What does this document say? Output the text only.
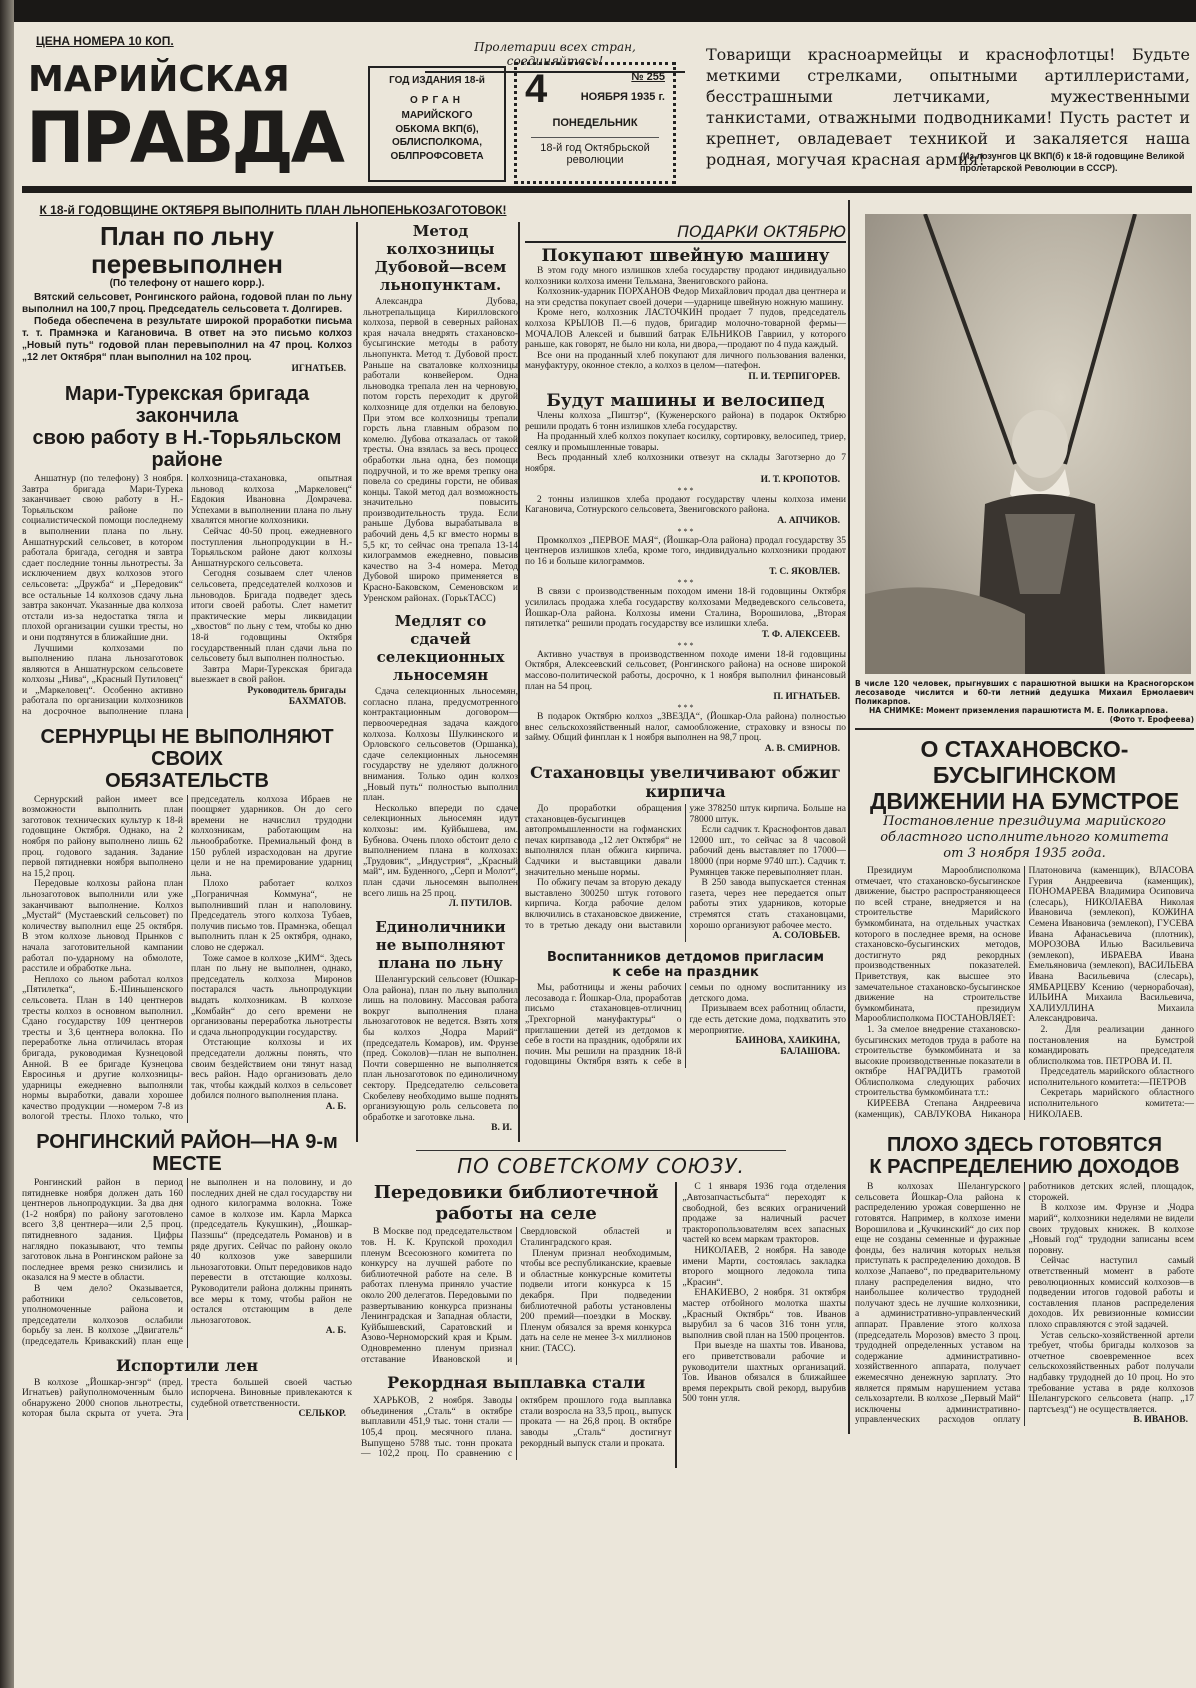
ЦЕНА НОМЕРА 10 КОП.
МАРИЙСКАЯ
ПРАВДА
Пролетарии всех стран, соединяйтесь!
ГОД ИЗДАНИЯ 18-й
ОРГАН
МАРИЙСКОГО
ОБКОМА ВКП(б),
ОБЛИСПОЛКОМА,
ОБЛПРОФСОВЕТА
4	№ 255
НОЯБРЯ 1935 г.
ПОНЕДЕЛЬНИК
18-й год Октябрьской революции
Товарищи красноармейцы и краснофлотцы! Будьте меткими стрелками, опытными артиллеристами, бесстрашными летчиками, мужественными танкистами, отважными подводниками! Пусть растет и крепнет, овладевает техникой и закаляется наша родная, могучая красная армия!
(Из лозунгов ЦК ВКП(б) к 18-й годовщине Великой пролетарской Революции в СССР).
К 18-й ГОДОВЩИНЕ ОКТЯБРЯ ВЫПОЛНИТЬ ПЛАН ЛЬНОПЕНЬКОЗАГОТОВОК!
План по льну перевыполнен
(По телефону от нашего корр.).

Вятский сельсовет, Ронгинского района, годовой план по льну выполнил на 100,7 проц. Председатель сельсовета т. Долгирев.

Победа обеспечена в результате широкой проработки письма т. т. Прамнэка и Кагановича. В ответ на это письмо колхоз „Новый путь“ годовой план перевыполнил на 47 проц. Колхоз „12 лет Октября“ план выполнил на 102 проц.

ИГНАТЬЕВ.
Мари-Турекская бригада закончила
свою работу в Н.-Торьяльском районе

Аншатнур (по телефону) 3 ноября. Завтра бригада Мари-Турека заканчивает свою работу в Н.-Торьяльском районе по социалистической помощи последнему в выполнении плана по льну. Аншатнурский сельсовет, в котором работала бригада, сегодня и завтра сдает последние тонны льнотресты. За исключением двух колхозов этого сельсовета: „Дружба“ и „Передовик“ все остальные 14 колхозов сдачу льна завтра закончат. Указанные два колхоза отстали из-за недостатка тягла и плохой организации сушки тресты, но и они подтянутся в ближайшие дни.

Лучшими колхозами по выполнению плана льнозаготовок являются в Аншатнурском сельсовете колхозы „Нива“, „Красный Путиловец“ и „Маркеловец“. Особенно активно работала по организации колхозников на досрочное выполнение плана колхозница-стахановка, опытная льновод колхоза „Маркеловец“ Евдокия Ивановна Домрачева. Успехами в выполнении плана по льну хвалятся многие колхозники.

Сейчас 40-50 проц. ежедневного поступления льнопродукции в Н.-Торьяльском районе дают колхозы Аншатнурского сельсовета.

Сегодня созываем слет членов сельсовета, председателей колхозов и льноводов. Бригада подведет здесь итоги своей работы. Слет наметит практические меры ликвидации „хвостов“ по льну с тем, чтобы ко дню 18-й годовщины Октября государственный план сдачи льна по сельсовету был выполнен полностью.

Завтра Мари-Турекская бригада выезжает в свой район.

Руководитель бригады
БАХМАТОВ.
СЕРНУРЦЫ НЕ ВЫПОЛНЯЮТ СВОИХ
ОБЯЗАТЕЛЬСТВ

Сернурский район имеет все возможности выполнить план заготовок технических культур к 18-й годовщине Октября. Однако, на 2 ноября по району выполнено лишь 62 проц. годового задания. Задание первой пятидневки ноября выполнено на 15,2 проц.

Передовые колхозы района план льнозаготовок выполнили или уже заканчивают выполнение. Колхоз „Мустай“ (Мустаевский сельсовет) по количеству выполнил еще 25 октября. В этом колхозе льновод Прынков с начала заготовительной кампании работал по-ударному на обмолоте, расстиле и обработке льна.

Неплохо со льном работал колхоз „Пятилетка“, Б.-Шиньшенского сельсовета. План в 140 центнеров тресты колхоз в основном выполнил. Сдано государству 109 центнеров тресты и 3,6 центнера волокна. По переработке льна отличилась вторая бригада, руководимая Кузнецовой Анной. В ее бригаде Кузнецова Евросинья и другие колхозницы-ударницы ежедневно выполняли нормы выработки, давали хорошее качество продукции —номером 7-8 из вологой тресты. Плохо только, что председатель колхоза Ибраев не поощряет ударников. Он до сего времени не начислил трудодни колхозникам, работающим на льнообработке. Премиальный фонд в 150 рублей израсходован на другие цели и не на премирование ударниц льна.

Плохо работает колхоз „Пограничная Коммуна“, не выполнивший план и наполовину. Председатель этого колхоза Тубаев, получив письмо тов. Прамнэка, обещал выполнить план к 25 октября, однако, слово не сдержал.

Тоже самое в колхозе „КИМ“. Здесь план по льну не выполнен, однако, председатель колхоза Миронов постарался часть льнопродукции выдать колхозникам. В колхозе „Комбайн“ до сего времени не организованы переработка льнотресты и сдача льнопродукции государству.

Отстающие колхозы и их председатели должны понять, что своим бездействием они тянут назад весь район. Надо организовать дело так, чтобы каждый колхоз в сельсовет добился полного выполнения плана.

А. Б.
РОНГИНСКИЙ РАЙОН—НА 9-м МЕСТЕ

Ронгинский район в период пятидневке ноября должен дать 160 центнеров льнопродукции. За два дня (1-2 ноября) по району заготовлено всего 3,8 центнера—или 2,5 проц. пятидневного задания. Цифры наглядно показывают, что темпы заготовок льна в Ронгинском районе за последнее время резко снизились и оказался на 9 месте в области.

В чем дело? Оказывается, работники сельсоветов, уполномоченные района и председатели колхозов ослабили борьбу за лен. В колхозе „Двигатель“ (председатель Кривакский) план еще не выполнен и на половину, и до последних дней не сдал государству ни одного килограмма волокна. Тоже самое в колхозе им. Карла Маркса (председатель Кукушкин), „Йошкар-Пазэшы“ (председатель Романов) и в ряде других. Сейчас по району около 40 колхозов уже завершили льнозаготовки. Опыт передовиков надо перевести в отстающие колхозы. Руководители района должны принять все меры к тому, чтобы район не остался отстающим в деле льнозаготовок.

А. Б.
Испортили лен

В колхозе „Йошкар-энгэр“ (пред. Игнатьев) райуполномоченным было обнаружено 2000 снопов льнотресты, которая была скрыта от учета. Эта треста большей своей частью испорчена. Виновные привлекаются к судебной ответственности.

СЕЛЬКОР.
Метод колхозницы Дубовой—всем льнопунктам.

Александра Дубова, льнотрепальщица Кирилловского колхоза, первой в северных районах края начала внедрять стахановско-бусыгинские методы в работу льнопункта. Метод т. Дубовой прост. Раньше на сваталовке колхозницы работали конвейером. Одна льноводка трепала лен на черновую, потом горсть переходит к другой колхознице для отделки на беловую. При этом все колхозницы трепали горсть льна главным образом по комелю. Дубова отказалась от такой тресты. Она взялась за весь процесс обработки льна одна, без помощи подручной, и то же время трепку она повела со средины горсти, не обивая концы. Такой метод дал возможность значительно повысить производительность труда. Если раньше Дубова вырабатывала в рабочий день 4,5 кг вместо нормы в 5,5 кг, то сейчас она трепала 13-14 килограммов ежедневно, повысив качество на 3-4 номера. Метод Дубовой широко применяется в Красно-Баковском, Семеновском и Уренском районах. (ГорькТАСС)

Медлят со сдачей селекционных льносемян

Сдача селекционных льносемян, согласно плана, предусмотренного контрактационным договором—первоочередная задача каждого колхоза. Колхозы Шулкинского и Орловского сельсоветов (Оршанка), сдаче селекционных льносемян государству не уделяют должного внимания. Только один колхоз „Новый путь“ полностью выполнил план.

Несколько впереди по сдаче селекционных льносемян идут колхозы: им. Куйбышева, им. Бубнова. Очень плохо обстоит дело с выполнением плана в колхозах: „Трудовик“, „Индустрия“, „Красный май“, им. Буденного, „Серп и Молот“, план сдачи льносемян выполнен всего лишь на 25 проц.

Л. ПУТИЛОВ.
Единоличники не выполняют плана по льну

Шелангурский сельсовет (Юшкар-Ола района), план по льну выполнил лишь на половину. Массовая работа вокруг выполнения плана льнозаготовок не ведется. Взять хотя бы колхоз „Чодра Марий“ (председатель Комаров), им. Фрунзе (пред. Соколов)—план не выполнен. Почти совершенно не выполняется план льнозаготовок по единоличному сектору. Председателю сельсовета Скобелеву необходимо выше поднять организующую роль сельсовета по обработке и заготовке льна.

В. И.
ПОДАРКИ ОКТЯБРЮ
Покупают швейную машину

В этом году много излишков хлеба государству продают индивидуально колхозники колхоза имени Тельмана, Звениговского района.

Колхозник-ударник ПОРХАНОВ Федор Михайлович продал два центнера и на эти средства покупает своей дочери —ударнице швейную ножную машину.

Кроме него, колхозник ЛАСТОЧКИН продает 7 пудов, председатель колхоза КРЫЛОВ П.—6 пудов, бригадир молочно-товарной фермы—МОЧАЛОВ Алексей и бывший батрак ЕЛЬНИКОВ Гавриил, у которого раньше, как говорят, не было ни кола, ни двора,—продают по 4 пуда каждый.

Все они на проданный хлеб покупают для личного пользования валенки, мануфактуру, оконное стекло, а колхоз в целом—патефон.

П. И. ТЕРПИГОРЕВ.
Будут машины и велосипед

Члены колхоза „Пиштэр“, (Куженерского района) в подарок Октябрю решили продать 6 тонн излишков хлеба государству.

На проданный хлеб колхоз покупает косилку, сортировку, велосипед, триер, сеялку и промышленные товары.

Весь проданный хлеб колхозники отвезут на склады Заготзерно до 7 ноября.

И. Т. КРОПОТОВ.
* * *

2 тонны излишков хлеба продают государству члены колхоза имени Кагановича, Сотнурского сельсовета, Звениговского района.

А. АПЧИКОВ.
* * *

Промколхоз „ПЕРВОЕ МАЯ“, (Йошкар-Ола района) продал государству 35 центнеров излишков хлеба, кроме того, индивидуально колхозники продают по 16 и больше килограммов.

Т. С. ЯКОВЛЕВ.
* * *

В связи с производственным походом имени 18-й годовщины Октября усилилась продажа хлеба государству колхозами Медведевского сельсовета, Йошкар-Ола района. Колхозы имени Сталина, Ворошилова, „Вторая пятилетка“ решили продать государству все излишки хлеба.

Т. Ф. АЛЕКСЕЕВ.
* * *

Активно участвуя в производственном походе имени 18-й годовщины Октября, Алексеевский сельсовет, (Ронгинского района) на основе широкой массово-политической работы, досрочно, к 1 ноября выполнил финансовый план на 54 проц.

П. ИГНАТЬЕВ.
* * *

В подарок Октябрю колхоз „ЗВЕЗДА“, (Йошкар-Ола района) полностью внес сельскохозяйственный налог, самообложение, страховку и взносы по займу. Общий финплан к 1 ноября выполнен на 98,7 проц.

А. В. СМИРНОВ.
Стахановцы увеличивают обжиг кирпича

До проработки обращения стахановцев-бусыгинцев автопромышленности на гофманских печах кирпзавода „12 лет Октября“ не выполнялся план обжига кирпича. Садчики и выставщики давали значительно меньше нормы.

По обжигу печам за вторую декаду выставлено 300250 штук готового кирпича. Когда рабочие делом включились в стахановское движение, то в третью декаду они выставили уже 378250 штук кирпича. Больше на 78000 штук.

Если садчик т. Краснофонтов давал 12000 шт., то сейчас за 8 часовой рабочий день выставляет по 17000—18000 (при норме 9740 шт.). Садчик т. Румянцев также перевыполняет план.

В 250 завода выпускается стенная газета, через нее передается опыт работы этих ударников, которые стремятся стать стахановцами, хорошо организуют рабочее место.

А. СОЛОВЬЕВ.
Воспитанников детдомов пригласим
к себе на праздник

Мы, работницы и жены рабочих лесозавода г. Йошкар-Ола, проработав письмо стахановцев-отличниц „Трехгорной мануфактуры“ о приглашении детей из детдомов к себе в гости на праздник, одобряли их почин. Мы решили на праздник 18-й годовщины Октября взять к себе в семьи по одному воспитаннику из детского дома.

Призываем всех работниц области, где есть детские дома, подхватить это мероприятие.

БАИНОВА, ХАИКИНА,
БАЛАШОВА.
ПО СОВЕТСКОМУ СОЮЗУ.
Передовики библиотечной
работы на селе

В Москве под председательством тов. Н. К. Крупской проходил пленум Всесоюзного комитета по конкурсу на лучшей работе по библиотечной работе на селе. В работах пленума приняло участие около 200 делегатов. Передовыми по развертыванию конкурса признаны Ленинградская и Западная области, Куйбышевский, Саратовский и Азово-Черноморский края и Крым. Одновременно пленум признал отставание Ивановской и Свердловской областей и Сталинградского края.

Пленум признал необходимым, чтобы все республиканские, краевые и областные конкурсные комитеты подвели итоги конкурса к 15 декабря. При подведении библиотечной работы установлены 200 премий—поездки в Москву. Пленум обязался за время конкурса дать на селе не менее 3-х миллионов книг. (ТАСС).

Рекордная выплавка стали

ХАРЬКОВ, 2 ноября. Заводы объединения „Сталь“ в октябре выплавили 451,9 тыс. тонн стали — 105,4 проц. месячного плана. Выпущено 5788 тыс. тонн проката — 102,2 проц. По сравнению с октябрем прошлого года выплавка стали возросла на 33,5 проц., выпуск проката — на 26,8 проц. В октябре заводы „Сталь“ достигнут рекордный выпуск стали и проката.

С 1 января 1936 года отделения „Автозапчастьсбыта“ переходят к свободной, без всяких ограничений продаже за наличный расчет тракторопользователям всех запасных частей ко всем маркам тракторов.

НИКОЛАЕВ, 2 ноября. На заводе имени Марти, состоялась закладка второго мощного ледокола типа „Красин“.

ЕНАКИЕВО, 2 ноября. 31 октября мастер отбойного молотка шахты „Красный Октябрь“ тов. Иванов вырубил за 6 часов 316 тонн угля, выполнив свой план на 1500 процентов.

При выезде на шахты тов. Иванова, его приветствовали рабочие и руководители шахтных организаций. Тов. Иванов обязался в ближайшее время перекрыть свой рекорд, вырубив 500 тонн угля.

В числе 120 человек, прыгнувших с парашютной вышки на Красногорском лесозаводе числится и 60-ти летний дедушка Михаил Ермолаевич Поликарпов.
НА СНИМКЕ: Момент приземления парашютиста М. Е. Поликарпова.
(Фото т. Ерофеева)
О СТАХАНОВСКО-БУСЫГИНСКОМ
ДВИЖЕНИИ НА БУМСТРОЕ
Постановление президиума марийского
областного исполнительного комитета
от 3 ноября 1935 года.

Президиум Марооблисполкома отмечает, что стахановско-бусыгинское движение, быстро распространяющееся по всей стране, внедряется и на строительстве Марийского бумкомбината, на отдельных участках которого в последнее время, на основе стахановско-бусыгинских методов, достигнуто ряд рекордных производственных показателей. Приветствуя, как высшее это замечательное стахановско-бусыгинское движение на строительстве бумкомбината, президиум Марооблисполкома ПОСТАНОВЛЯЕТ:

1. За смелое внедрение стахановско-бусыгинских методов труда в работе на строительстве бумкомбината и за высокие производственные показатели в октябре НАГРАДИТЬ грамотой Облисполкома следующих рабочих строительства бумкомбината т.т.:

КИРЕЕВА Степана Андреевича (каменщик), САВЛУКОВА Никанора Платоновича (каменщик), ВЛАСОВА Гурия Андреевича (каменщик), ПОНОМАРЕВА Владимира Осиповича (слесарь), НИКОЛАЕВА Николая Ивановича (землекоп), КОЖИНА Семена Ивановича (землекоп), ГУСЕВА Ивана Афанасьевича (плотник), МОРОЗОВА Илью Васильевича (землекоп), ИБРАЕВА Ивана Емельяновича (землекоп), ВАСИЛЬЕВА Ивана Васильевича (слесарь), ЯМБАРЦЕВУ Ксению (чернорабочая), ИЛЬИНА Михаила Васильевича, ХАЛИУЛЛИНА Михаила Александровича.

2. Для реализации данного постановления на Бумстрой командировать председателя облисполкома тов. ПЕТРОВА И. П.

Председатель марийского областного исполнительного комитета:—ПЕТРОВ

Секретарь марийского областного исполнительного комитета:—НИКОЛАЕВ.

ПЛОХО ЗДЕСЬ ГОТОВЯТСЯ
К РАСПРЕДЕЛЕНИЮ ДОХОДОВ

В колхозах Шелангурского сельсовета Йошкар-Ола района к распределению урожая совершенно не готовятся. Например, в колхозе имени Ворошилова и „Кучкинский“ до сих пор еще не созданы семенные и фуражные фонды, без наличия которых нельзя приступать к распределению доходов. В колхозе „Чапаево“, по предварительному плану распределения видно, что наибольшее количество трудодней получают здесь не лучшие колхозники, а административно-управленческий аппарат. Правление этого колхоза (председатель Морозов) вместо 3 проц. трудодней определенных уставом на содержание административно-хозяйственного аппарата, получает ежемесячно денежную зарплату. Это является прямым нарушением устава сельхозартели. В колхозе „Первый Май“ исключены административно-управленческих расходов оплату работников детских яслей, площадок, сторожей.

В колхозе им. Фрунзе и „Чодра марий“, колхозники неделями не видели своих трудовых книжек. В колхозе „Новый год“ трудодни записаны всем поровну.

Сейчас наступил самый ответственный момент в работе революционных комиссий колхозов—в подведении итогов годовой работы и составления планов распределения доходов. Их ревизионные комиссии плохо справляются с этой задачей.

Устав сельско-хозяйственной артели требует, чтобы бригады колхозов за отчетное своевременное всех сельскохозяйственных работ получали надбавку трудодней до 10 проц. Но это требование устава в ряде колхозов Шелангурского сельсовета (напр. „17 партсъезд“) не осуществляется.

В. ИВАНОВ.
